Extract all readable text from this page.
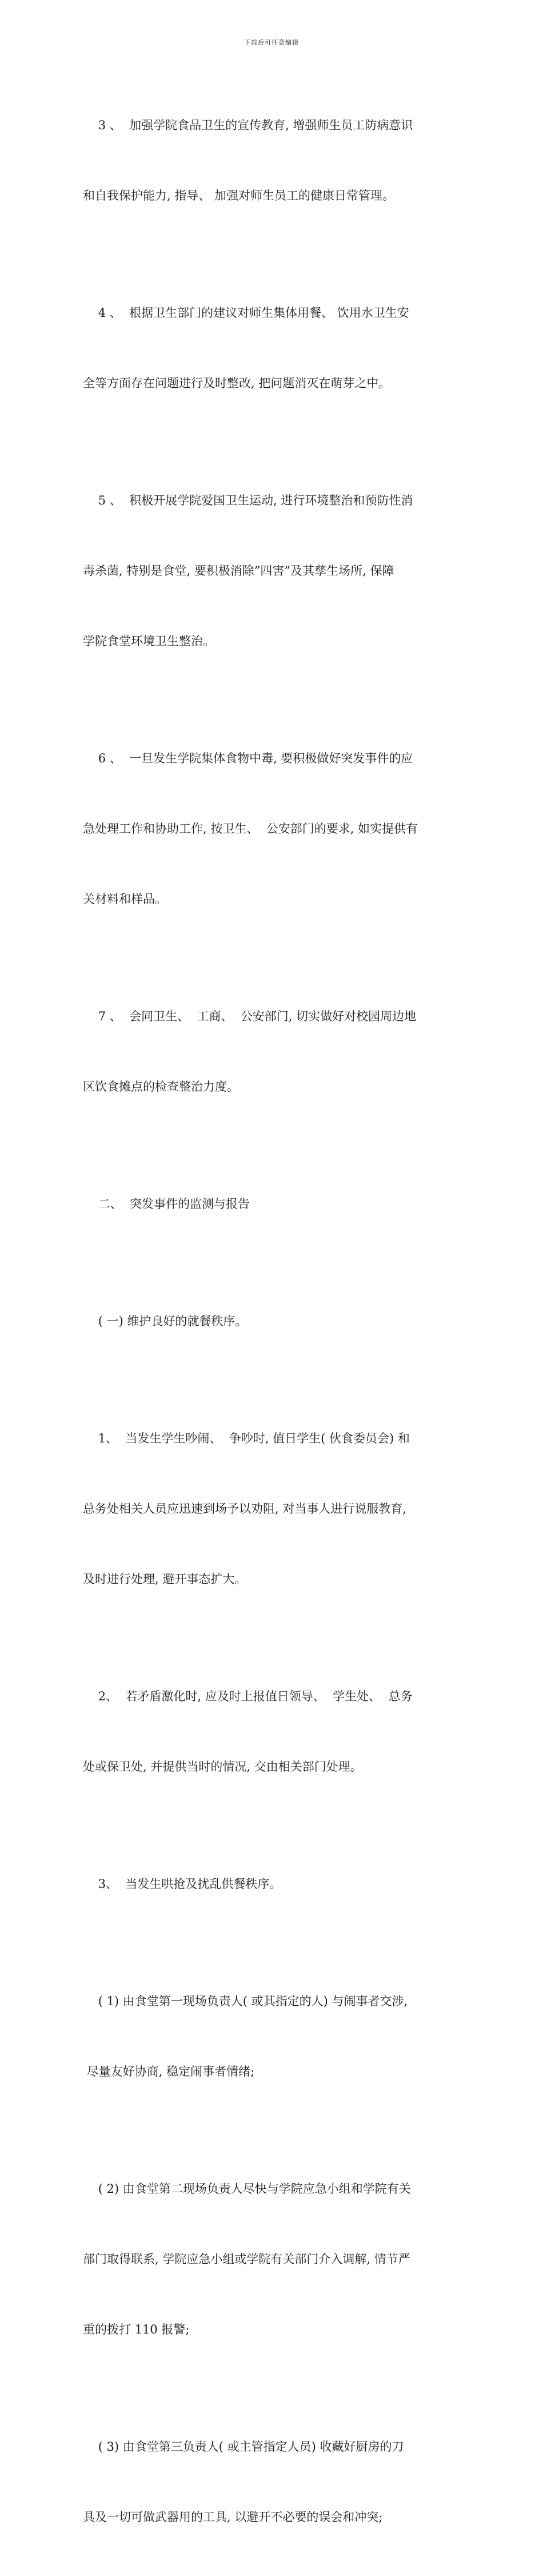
下载后可任意编辑

3 、  加强学院食品卫生的宣传教育, 增强师生员工防病意识

和自我保护能力, 指导、 加强对师生员工的健康日常管理。

4 、  根据卫生部门的建议对师生集体用餐、 饮用水卫生安

全等方面存在问题进行及时整改, 把问题消灭在萌芽之中。

5 、  积极开展学院爱国卫生运动, 进行环境整治和预防性消

毒杀菌, 特别是食堂, 要积极消除”四害”及其孳生场所, 保障

学院食堂环境卫生整治。

6 、  一旦发生学院集体食物中毒, 要积极做好突发事件的应

急处理工作和协助工作, 按卫生、  公安部门的要求, 如实提供有

关材料和样品。

7 、  会同卫生、  工商、  公安部门, 切实做好对校园周边地

区饮食摊点的检查整治力度。

二、  突发事件的监测与报告

( 一) 维护良好的就餐秩序。

1、  当发生学生吵闹、  争吵时, 值日学生( 伙食委员会) 和

总务处相关人员应迅速到场予以劝阻, 对当事人进行说服教育,

及时进行处理, 避开事态扩大。

2、  若矛盾激化时, 应及时上报值日领导、  学生处、  总务

处或保卫处, 并提供当时的情况, 交由相关部门处理。

3、  当发生哄抢及扰乱供餐秩序。

( 1) 由食堂第一现场负责人( 或其指定的人) 与闹事者交涉,

尽量友好协商, 稳定闹事者情绪;

( 2) 由食堂第二现场负责人尽快与学院应急小组和学院有关

部门取得联系, 学院应急小组或学院有关部门介入调解, 情节严

重的拨打 110 报警;

( 3) 由食堂第三负责人( 或主管指定人员) 收藏好厨房的刀

具及一切可做武器用的工具, 以避开不必要的误会和冲突;
